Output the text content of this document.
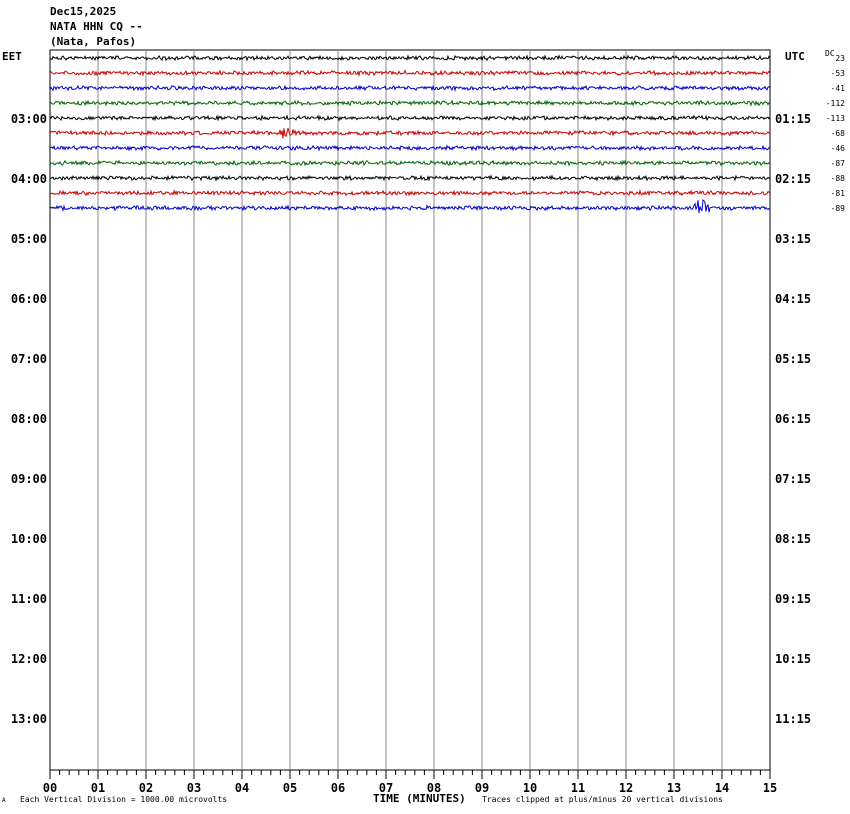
Dec15,2025
NATA HHN CQ --
(Nata, Pafos)
EET	UTC	DC
00	01	02	03	04	05	06	07	08	09	10	11	12	13	14	15
03:00
04:00
05:00
06:00
07:00
08:00
09:00
10:00
11:00
12:00
13:00
01:15
02:15
03:15
04:15
05:15
06:15
07:15
08:15
09:15
10:15
11:15
23
-53
-41
-112
-113
-68
-46
-87
-88
-81
-89
A Each Vertical Division = 1000.00 microvolts	TIME (MINUTES) Traces clipped at plus/minus 20 vertical divisions
